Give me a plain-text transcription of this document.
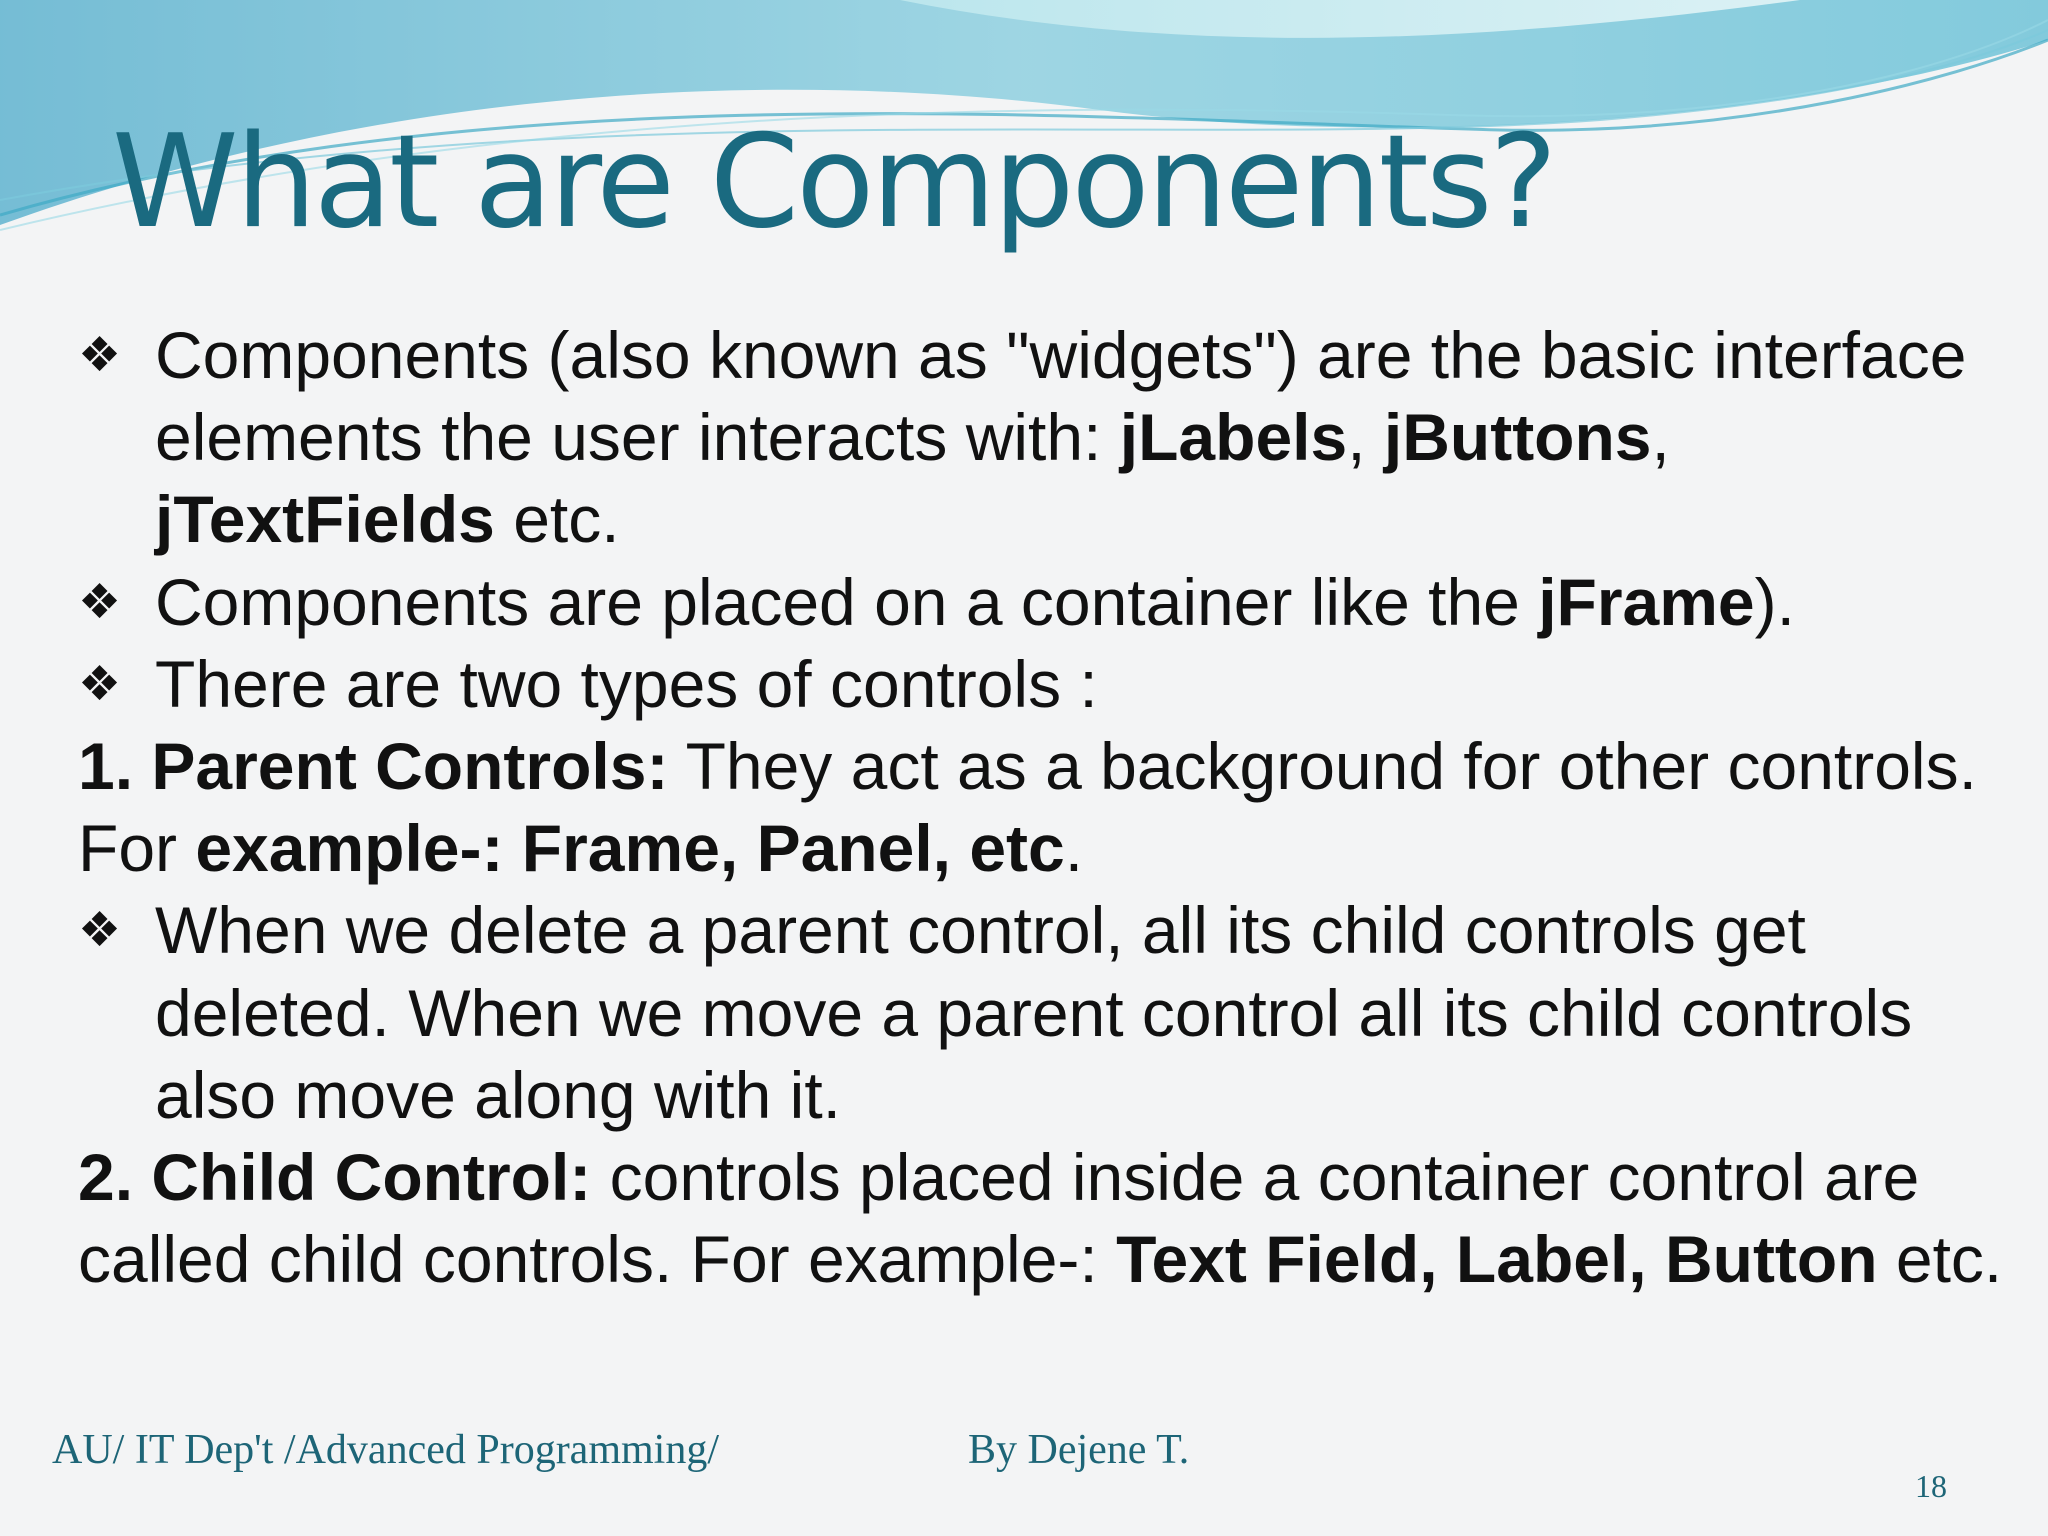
What are Components?
❖ Components (also known as "widgets") are the basic interface elements the user interacts with: jLabels, jButtons, jTextFields etc.
❖ Components are placed on a container like the jFrame).
❖ There are two types of controls :
1. Parent Controls: They act as a background for other controls. For example-: Frame, Panel, etc.
❖ When we delete a parent control, all its child controls get deleted. When we move a parent control all its child controls also move along with it.
2. Child Control: controls placed inside a container control are called child controls. For example-: Text Field, Label, Button etc.
AU/ IT Dep't /Advanced Programming/	By Dejene T.
18
